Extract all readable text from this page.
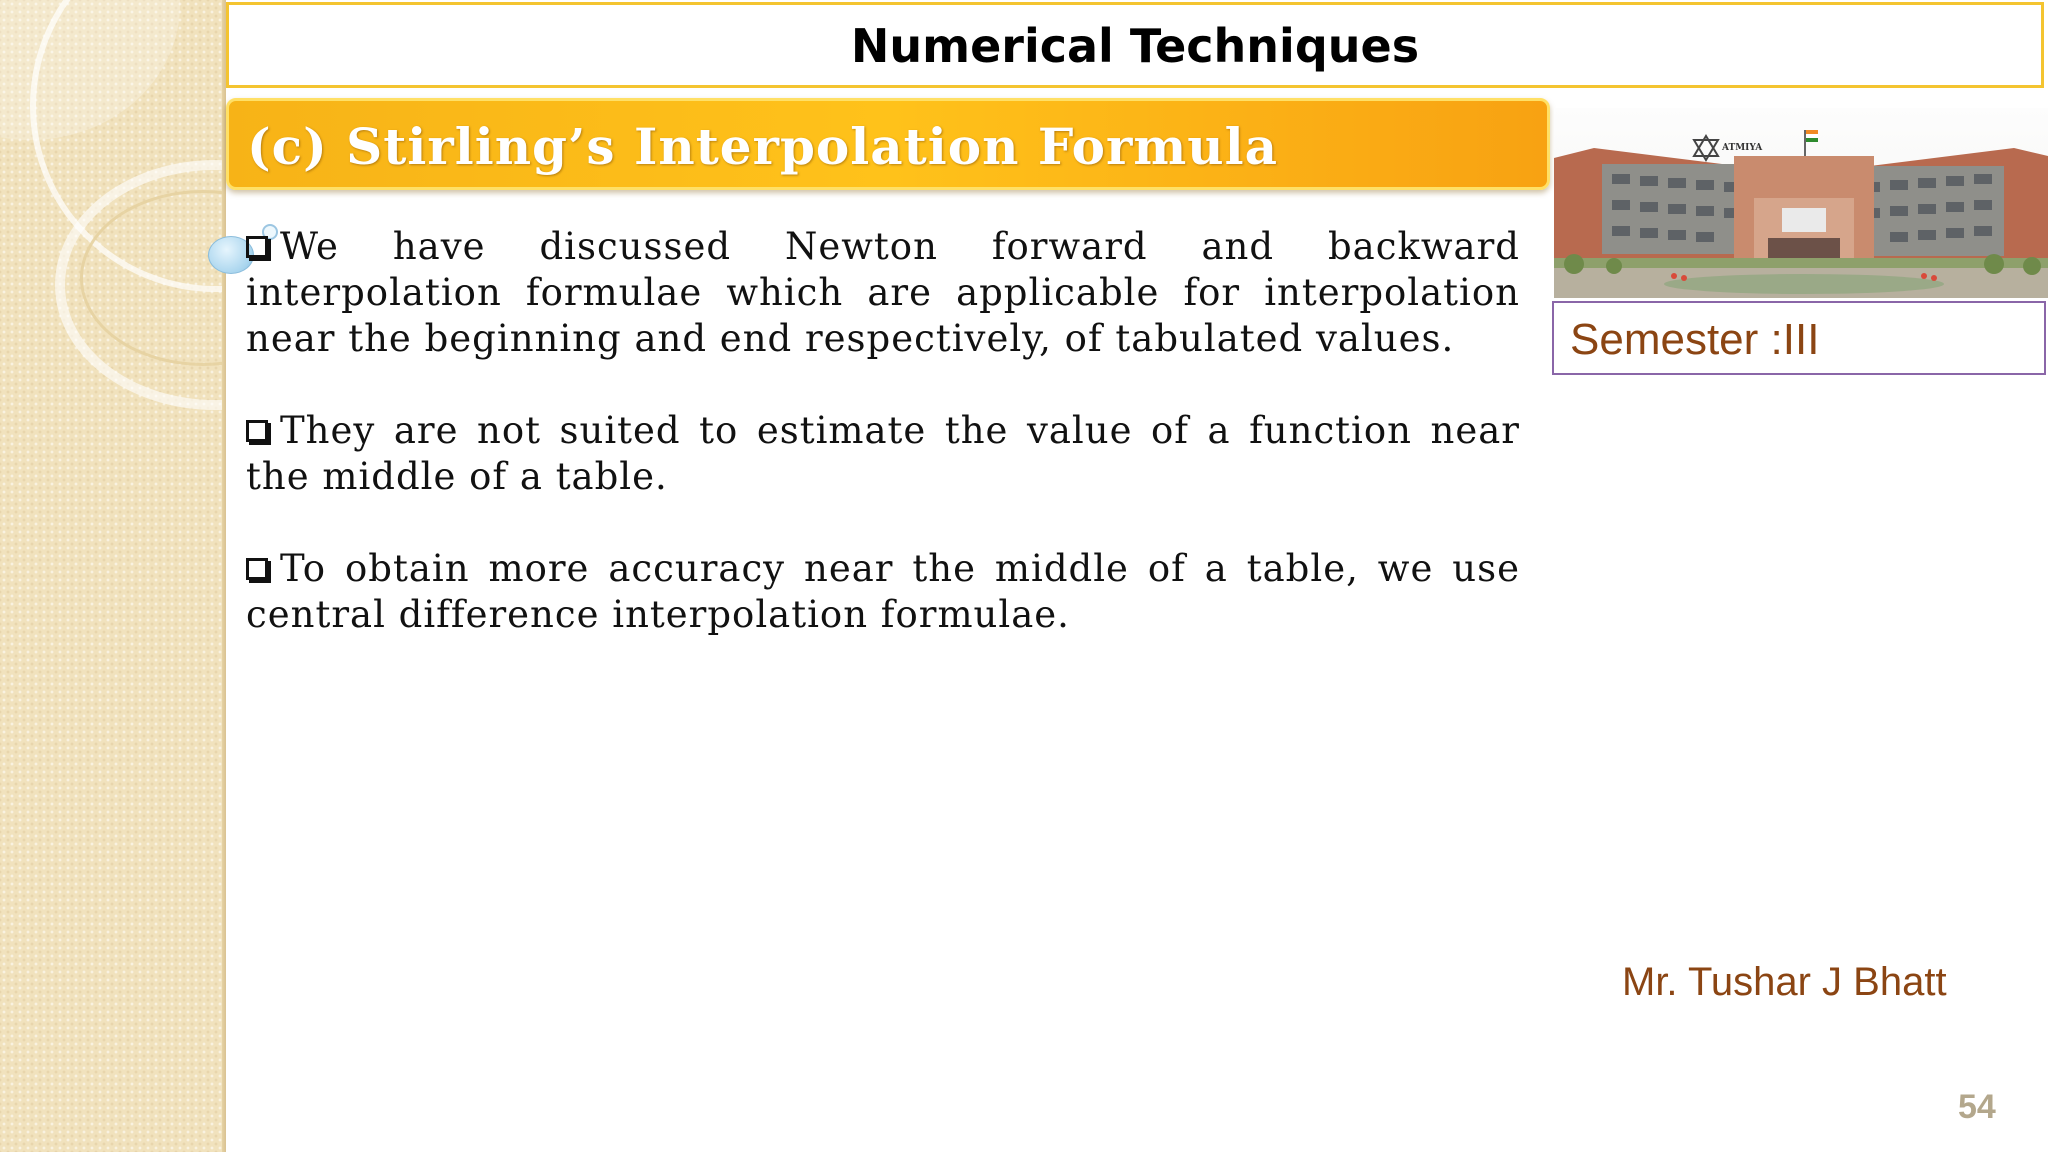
Numerical Techniques
(c) Stirling’s Interpolation Formula	ATMIYA
Semester :III

We have discussed Newton forward and backward interpolation formulae which are applicable for interpolation near the beginning and end respectively, of tabulated values.

They are not suited to estimate the value of a function near the middle of a table.

To obtain more accuracy near the middle of a table, we use central difference interpolation formulae.

Mr. Tushar J Bhatt
54
